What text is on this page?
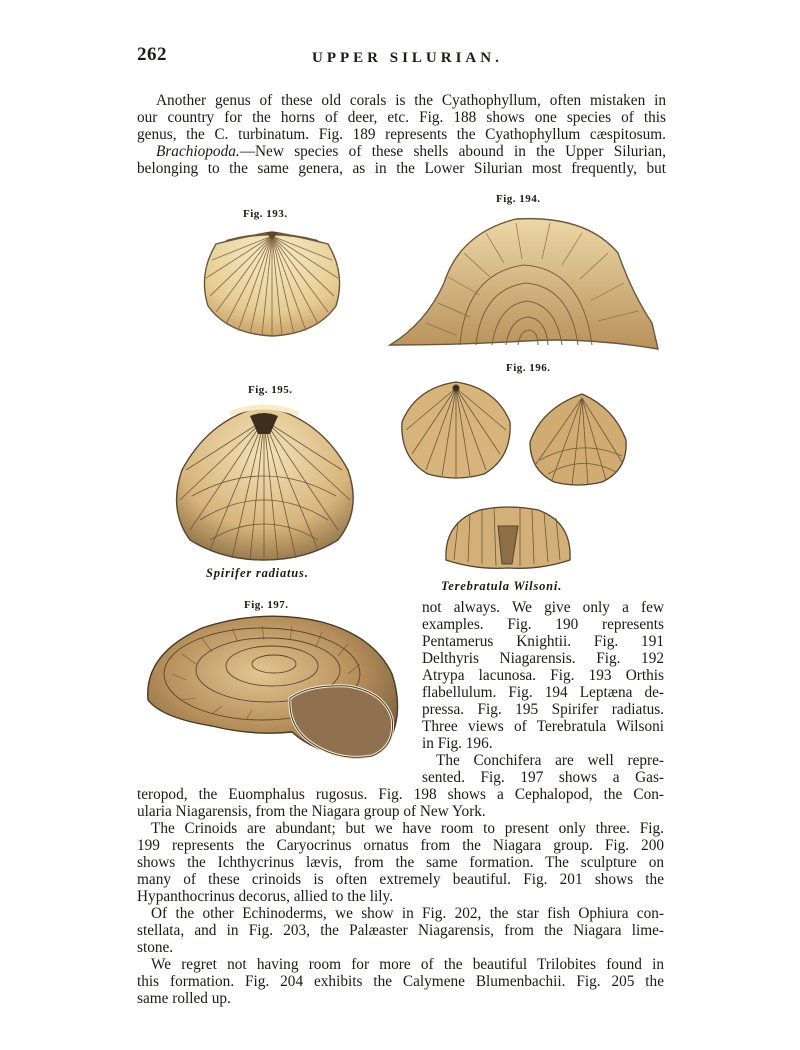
262	UPPER SILURIAN.
Another genus of these old corals is the Cyathophyllum, often mistaken in
our country for the horns of deer, etc. Fig. 188 shows one species of this
genus, the C. turbinatum. Fig. 189 represents the Cyathophyllum cæspitosum.
Brachiopoda.—New species of these shells abound in the Upper Silurian,
belonging to the same genera, as in the Lower Silurian most frequently, but
Fig. 193.
Fig. 194.
Fig. 195.
Fig. 196.
Fig. 197.
Spirifer radiatus.
Terebratula Wilsoni.
not always. We give only a few
examples. Fig. 190 represents
Pentamerus Knightii. Fig. 191
Delthyris Niagarensis. Fig. 192
Atrypa lacunosa. Fig. 193 Orthis
flabellulum. Fig. 194 Leptæna de-
pressa. Fig. 195 Spirifer radiatus.
Three views of Terebratula Wilsoni
in Fig. 196.
The Conchifera are well repre-
sented. Fig. 197 shows a Gas-
teropod, the Euomphalus rugosus. Fig. 198 shows a Cephalopod, the Con-
ularia Niagarensis, from the Niagara group of New York.
The Crinoids are abundant; but we have room to present only three. Fig.
199 represents the Caryocrinus ornatus from the Niagara group. Fig. 200
shows the Ichthycrinus lævis, from the same formation. The sculpture on
many of these crinoids is often extremely beautiful. Fig. 201 shows the
Hypanthocrinus decorus, allied to the lily.
Of the other Echinoderms, we show in Fig. 202, the star fish Ophiura con-
stellata, and in Fig. 203, the Palæaster Niagarensis, from the Niagara lime-
stone.
We regret not having room for more of the beautiful Trilobites found in
this formation. Fig. 204 exhibits the Calymene Blumenbachii. Fig. 205 the
same rolled up.
